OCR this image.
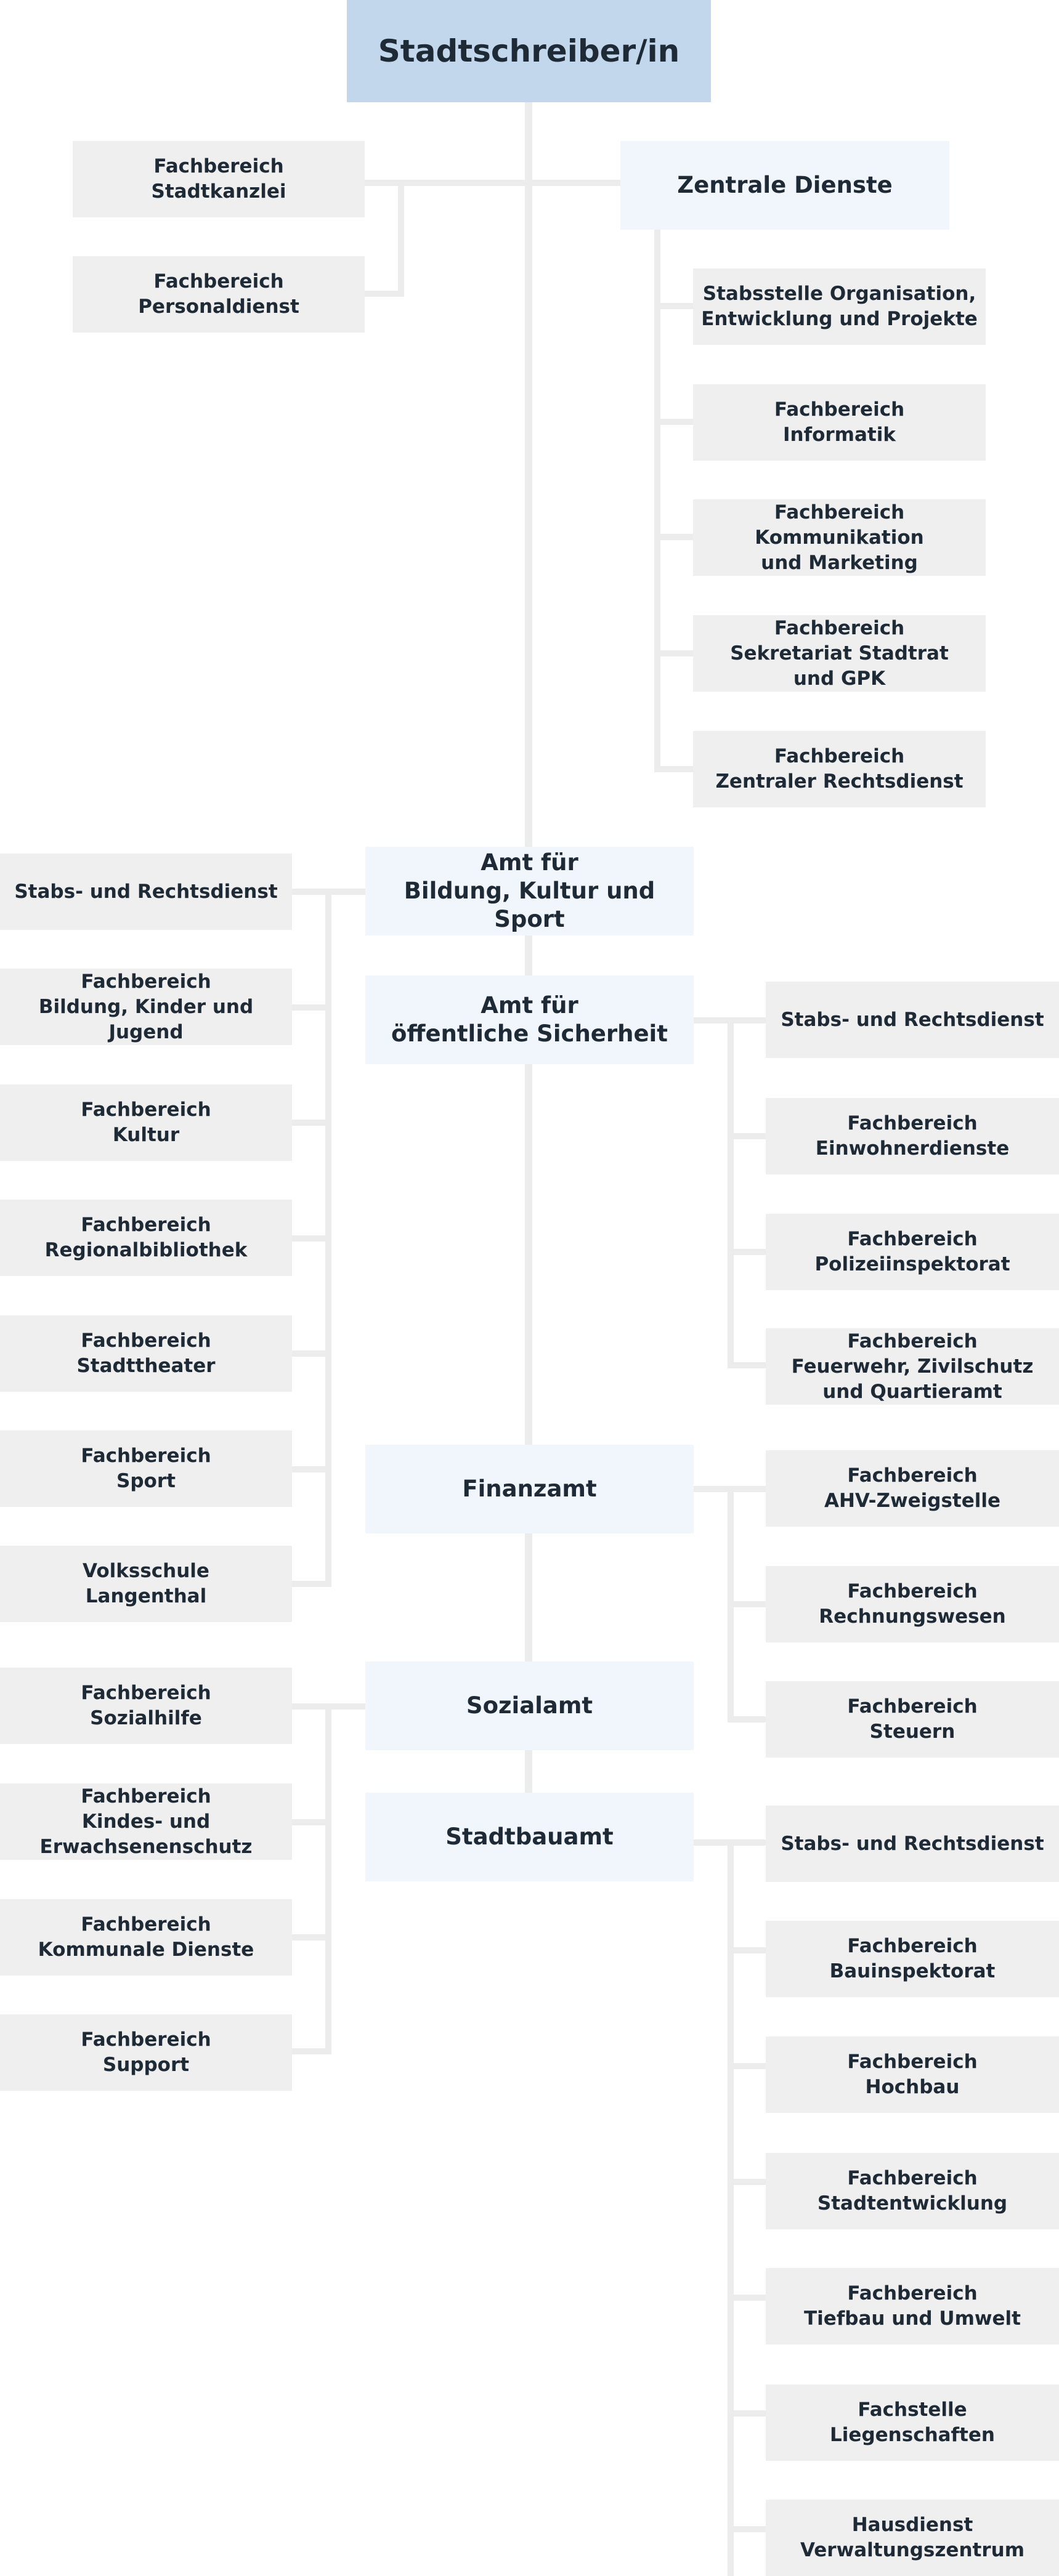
Stadtschreiber/in
Fachbereich
Stadtkanzlei
Fachbereich
Personaldienst
Zentrale Dienste
Stabsstelle Organisation,
Entwicklung und Projekte
Fachbereich
Informatik
Fachbereich
Kommunikation
und Marketing
Fachbereich
Sekretariat Stadtrat
und GPK
Fachbereich
Zentraler Rechtsdienst
Amt für
Bildung, Kultur und Sport
Stabs- und Rechtsdienst
Fachbereich
Bildung, Kinder und Jugend
Fachbereich
Kultur
Fachbereich
Regionalbibliothek
Fachbereich
Stadttheater
Fachbereich
Sport
Volksschule
Langenthal
Amt für
öffentliche Sicherheit
Stabs- und Rechtsdienst
Fachbereich
Einwohnerdienste
Fachbereich
Polizeiinspektorat
Fachbereich
Feuerwehr, Zivilschutz
und Quartieramt
Finanzamt	Fachbereich
AHV-Zweigstelle
Fachbereich
Rechnungswesen
Fachbereich
Steuern
Sozialamt
Fachbereich
Sozialhilfe
Fachbereich
Kindes- und
Erwachsenenschutz
Fachbereich
Kommunale Dienste
Fachbereich
Support
Stadtbauamt	Stabs- und Rechtsdienst
Fachbereich
Bauinspektorat
Fachbereich
Hochbau
Fachbereich
Stadtentwicklung
Fachbereich
Tiefbau und Umwelt
Fachstelle
Liegenschaften
Hausdienst
Verwaltungszentrum
